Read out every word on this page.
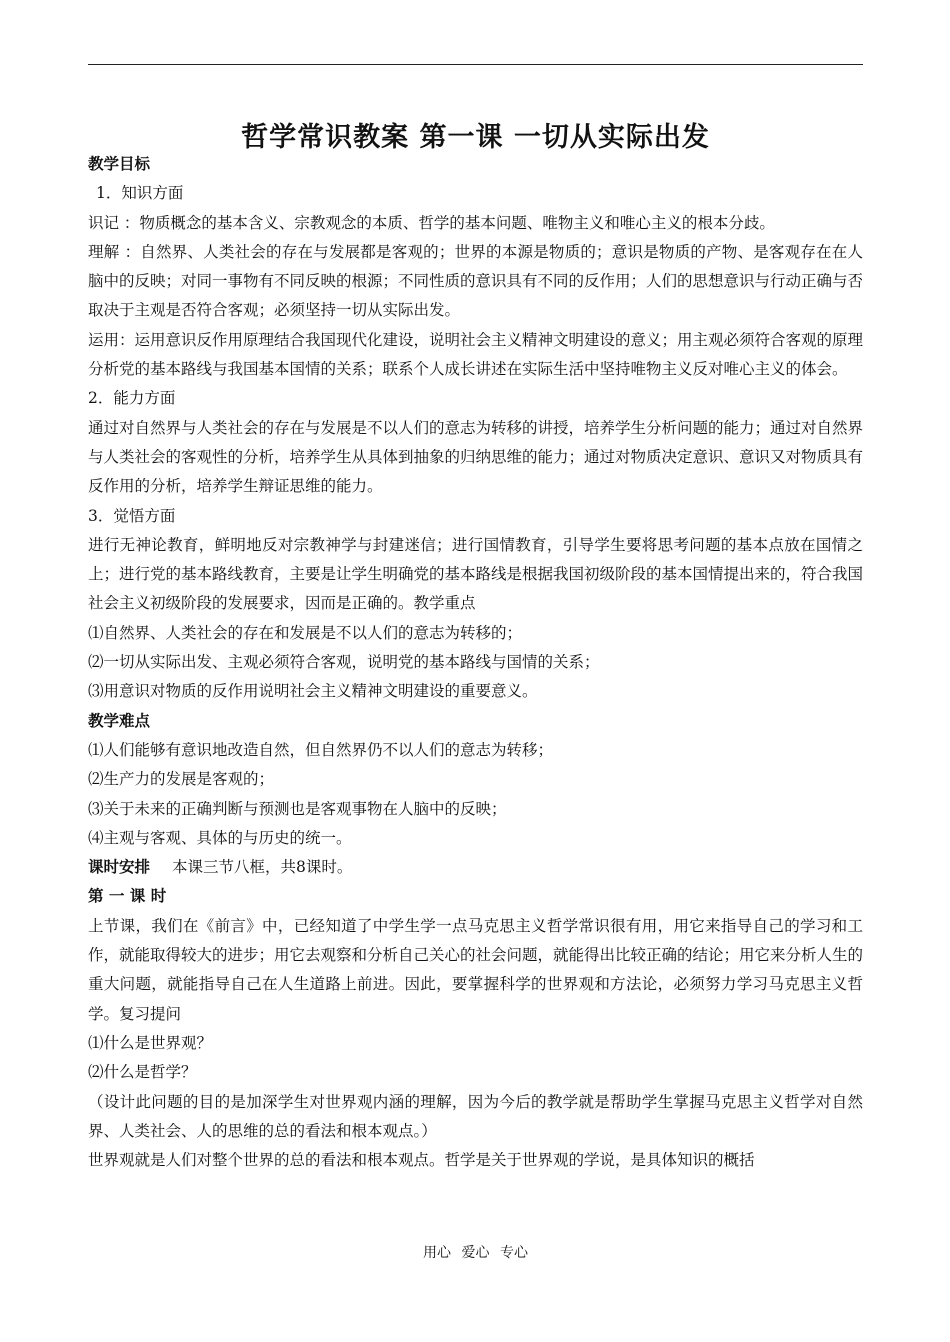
哲学常识教案 第一课 一切从实际出发

教学目标

1．知识方面

识记 ：物质概念的基本含义、宗教观念的本质、哲学的基本问题、唯物主义和唯心主义的根本分歧。

理解 ：自然界、人类社会的存在与发展都是客观的；世界的本源是物质的；意识是物质的产物、是客观存在在人脑中的反映；对同一事物有不同反映的根源；不同性质的意识具有不同的反作用；人们的思想意识与行动正确与否取决于主观是否符合客观；必须坚持一切从实际出发。

运用：运用意识反作用原理结合我国现代化建设，说明社会主义精神文明建设的意义；用主观必须符合客观的原理分析党的基本路线与我国基本国情的关系；联系个人成长讲述在实际生活中坚持唯物主义反对唯心主义的体会。

2．能力方面

通过对自然界与人类社会的存在与发展是不以人们的意志为转移的讲授，培养学生分析问题的能力；通过对自然界与人类社会的客观性的分析，培养学生从具体到抽象的归纳思维的能力；通过对物质决定意识、意识又对物质具有反作用的分析，培养学生辩证思维的能力。

3．觉悟方面

进行无神论教育，鲜明地反对宗教神学与封建迷信；进行国情教育，引导学生要将思考问题的基本点放在国情之上；进行党的基本路线教育，主要是让学生明确党的基本路线是根据我国初级阶段的基本国情提出来的，符合我国社会主义初级阶段的发展要求，因而是正确的。教学重点

⑴自然界、人类社会的存在和发展是不以人们的意志为转移的；

⑵一切从实际出发、主观必须符合客观，说明党的基本路线与国情的关系；

⑶用意识对物质的反作用说明社会主义精神文明建设的重要意义。

教学难点

⑴人们能够有意识地改造自然，但自然界仍不以人们的意志为转移；

⑵生产力的发展是客观的；

⑶关于未来的正确判断与预测也是客观事物在人脑中的反映；

⑷主观与客观、具体的与历史的统一。

课时安排 本课三节八框，共8课时。

第 一 课 时

上节课，我们在《前言》中，已经知道了中学生学一点马克思主义哲学常识很有用，用它来指导自己的学习和工作，就能取得较大的进步；用它去观察和分析自己关心的社会问题，就能得出比较正确的结论；用它来分析人生的重大问题，就能指导自己在人生道路上前进。因此，要掌握科学的世界观和方法论，必须努力学习马克思主义哲学。复习提问

⑴什么是世界观？

⑵什么是哲学？

（设计此问题的目的是加深学生对世界观内涵的理解，因为今后的教学就是帮助学生掌握马克思主义哲学对自然界、人类社会、人的思维的总的看法和根本观点。）

世界观就是人们对整个世界的总的看法和根本观点。哲学是关于世界观的学说，是具体知识的概括

用心 爱心 专心
